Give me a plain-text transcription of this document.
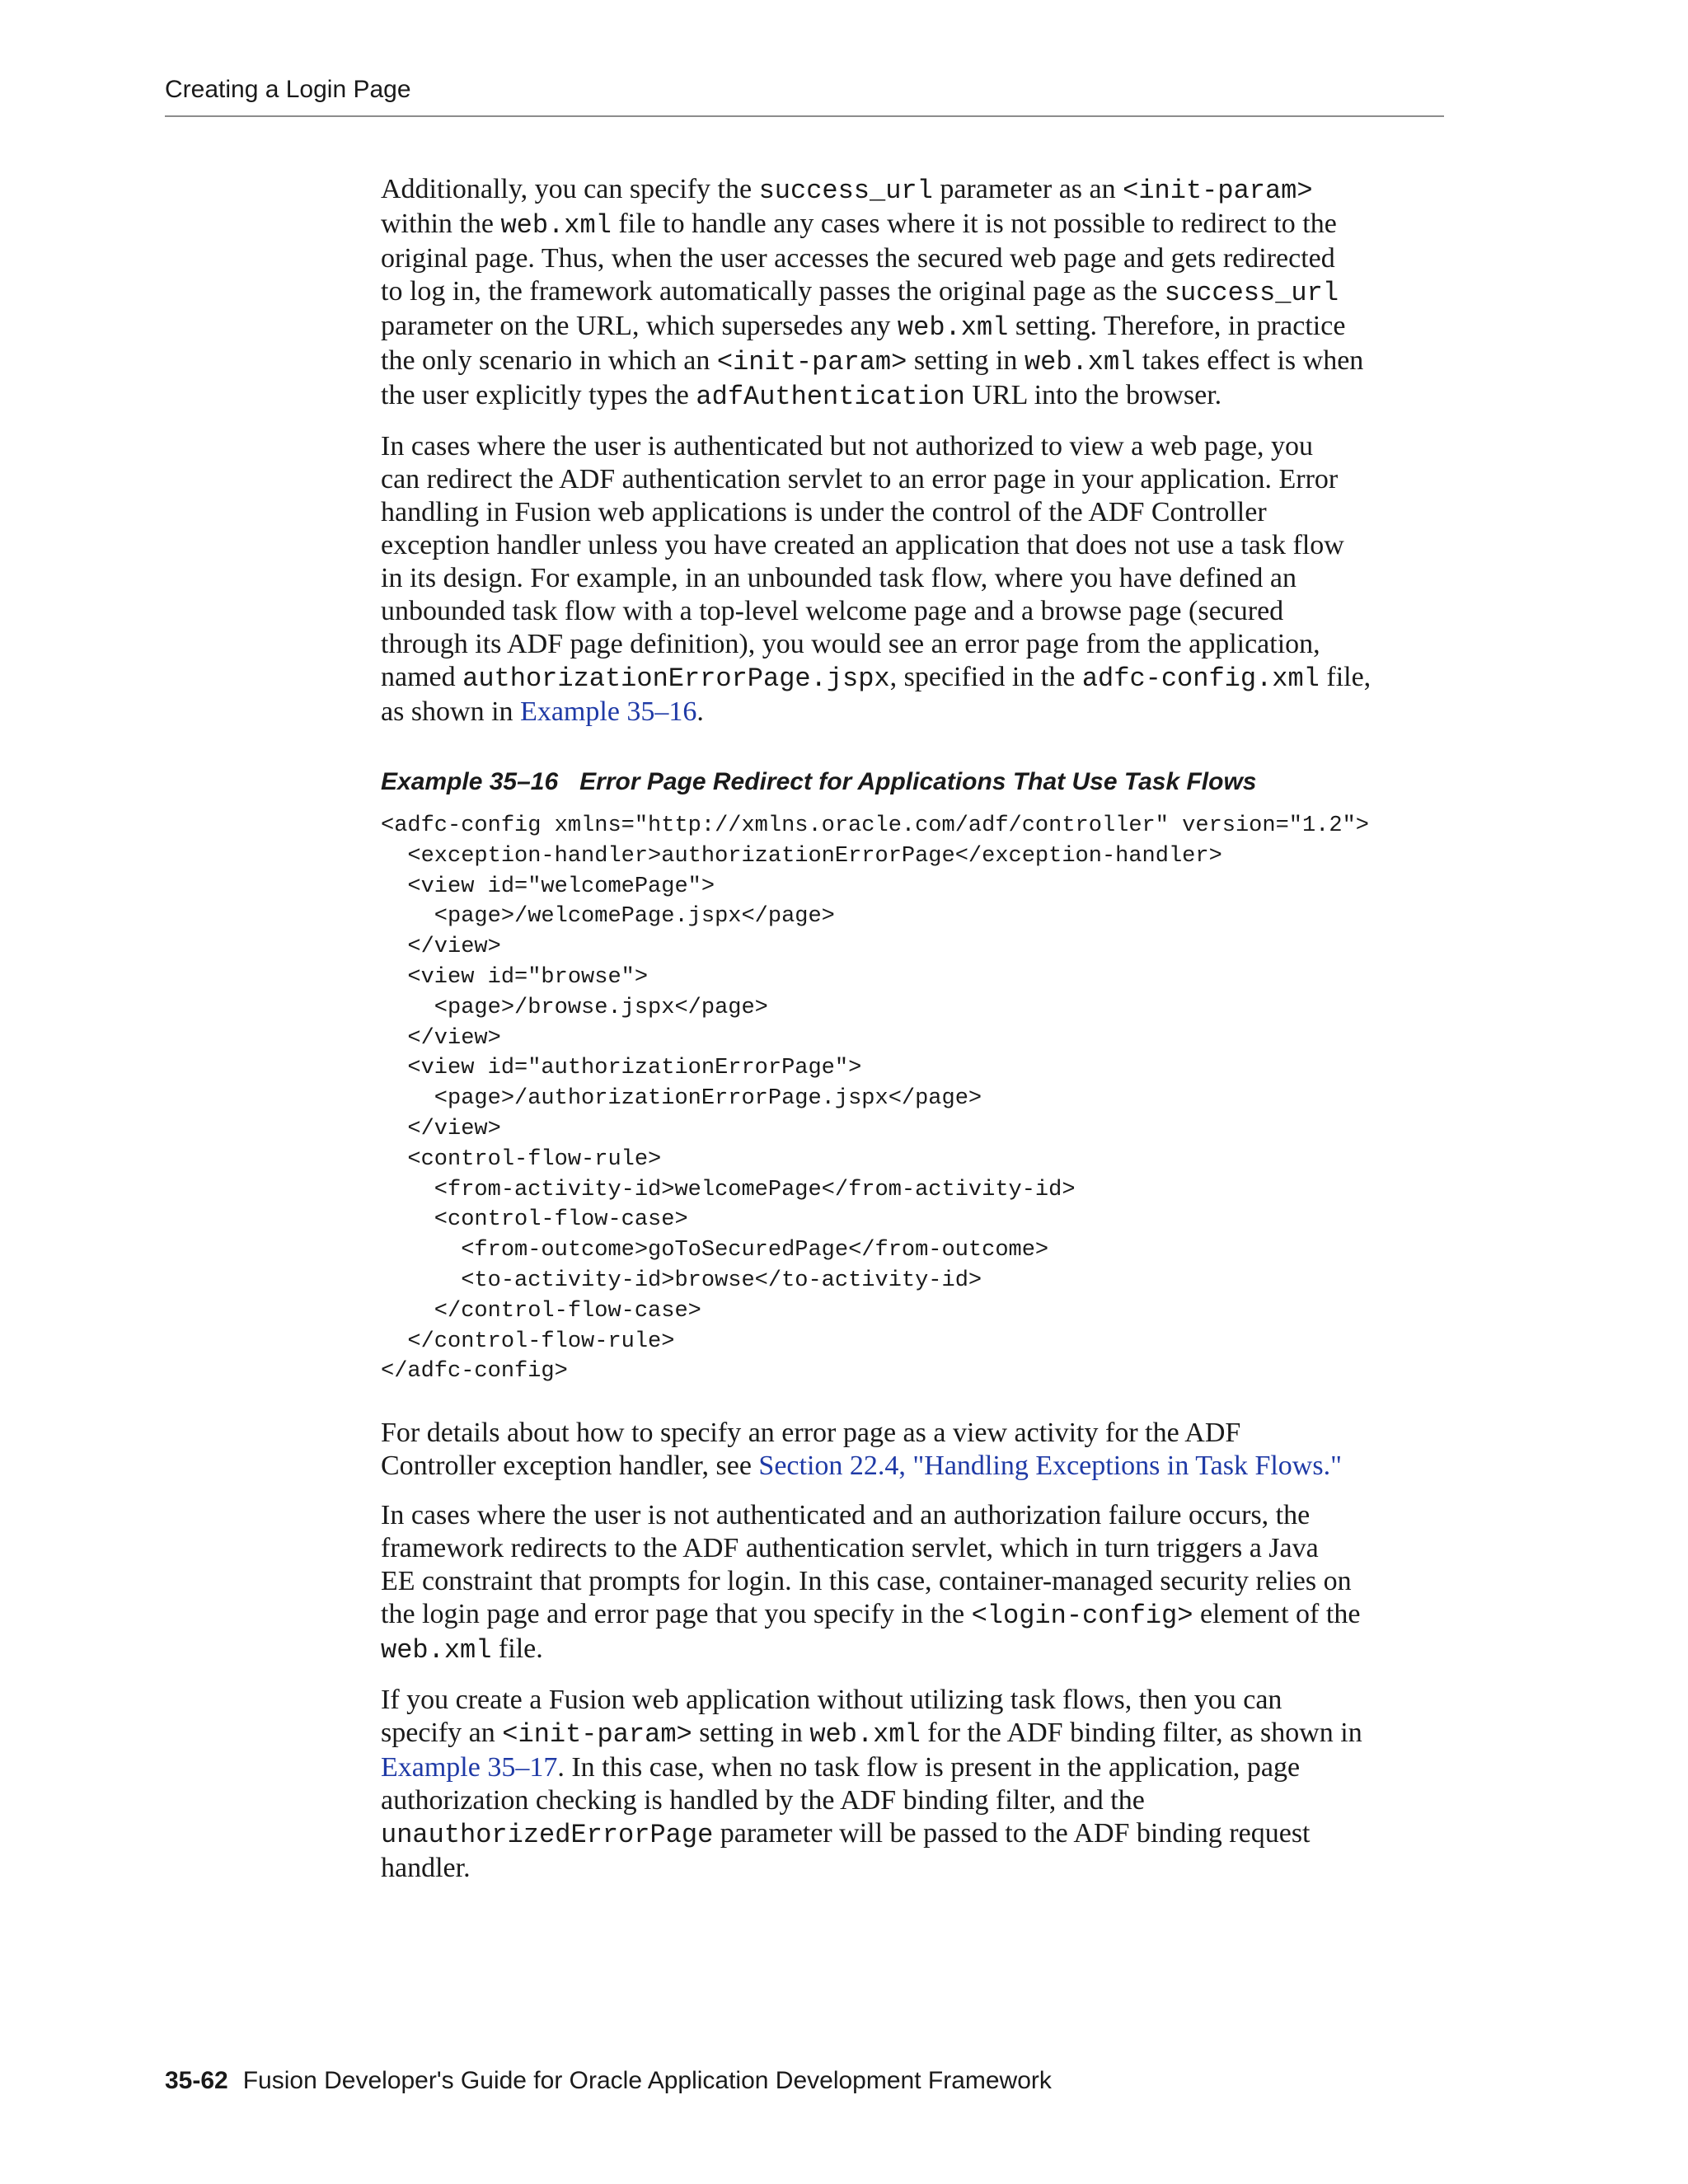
Creating a Login Page

Additionally, you can specify the success_url parameter as an <init-param>
within the web.xml file to handle any cases where it is not possible to redirect to the
original page. Thus, when the user accesses the secured web page and gets redirected
to log in, the framework automatically passes the original page as the success_url
parameter on the URL, which supersedes any web.xml setting. Therefore, in practice
the only scenario in which an <init-param> setting in web.xml takes effect is when
the user explicitly types the adfAuthentication URL into the browser.

In cases where the user is authenticated but not authorized to view a web page, you
can redirect the ADF authentication servlet to an error page in your application. Error
handling in Fusion web applications is under the control of the ADF Controller
exception handler unless you have created an application that does not use a task flow
in its design. For example, in an unbounded task flow, where you have defined an
unbounded task flow with a top-level welcome page and a browse page (secured
through its ADF page definition), you would see an error page from the application,
named authorizationErrorPage.jspx, specified in the adfc-config.xml file,
as shown in Example 35–16.

Example 35–16 Error Page Redirect for Applications That Use Task Flows
<adfc-config xmlns="http://xmlns.oracle.com/adf/controller" version="1.2">
<exception-handler>authorizationErrorPage</exception-handler>
<view id="welcomePage">
<page>/welcomePage.jspx</page>
</view>
<view id="browse">
<page>/browse.jspx</page>
</view>
<view id="authorizationErrorPage">
<page>/authorizationErrorPage.jspx</page>
</view>
<control-flow-rule>
<from-activity-id>welcomePage</from-activity-id>
<control-flow-case>
<from-outcome>goToSecuredPage</from-outcome>
<to-activity-id>browse</to-activity-id>
</control-flow-case>
</control-flow-rule>
</adfc-config>

For details about how to specify an error page as a view activity for the ADF
Controller exception handler, see Section 22.4, "Handling Exceptions in Task Flows."

In cases where the user is not authenticated and an authorization failure occurs, the
framework redirects to the ADF authentication servlet, which in turn triggers a Java
EE constraint that prompts for login. In this case, container-managed security relies on
the login page and error page that you specify in the <login-config> element of the
web.xml file.

If you create a Fusion web application without utilizing task flows, then you can
specify an <init-param> setting in web.xml for the ADF binding filter, as shown in
Example 35–17. In this case, when no task flow is present in the application, page
authorization checking is handled by the ADF binding filter, and the
unauthorizedErrorPage parameter will be passed to the ADF binding request
handler.

35-62 Fusion Developer's Guide for Oracle Application Development Framework
